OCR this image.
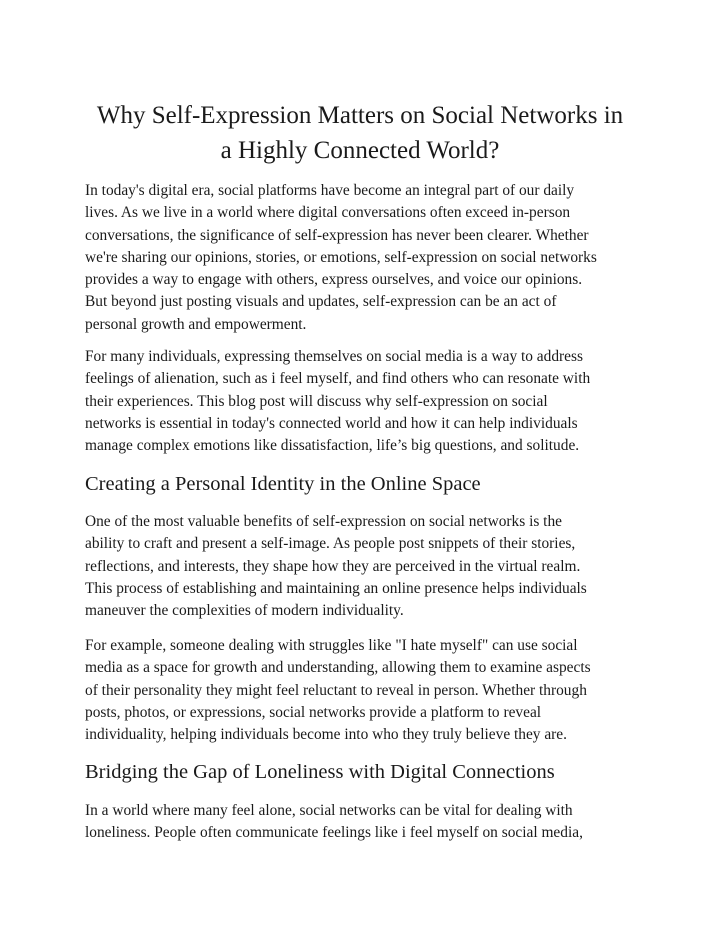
Why Self-Expression Matters on Social Networks in
a Highly Connected World?

In today's digital era, social platforms have become an integral part of our daily
lives. As we live in a world where digital conversations often exceed in-person
conversations, the significance of self-expression has never been clearer. Whether
we're sharing our opinions, stories, or emotions, self-expression on social networks
provides a way to engage with others, express ourselves, and voice our opinions.
But beyond just posting visuals and updates, self-expression can be an act of
personal growth and empowerment.

For many individuals, expressing themselves on social media is a way to address
feelings of alienation, such as i feel myself, and find others who can resonate with
their experiences. This blog post will discuss why self-expression on social
networks is essential in today's connected world and how it can help individuals
manage complex emotions like dissatisfaction, life’s big questions, and solitude.

Creating a Personal Identity in the Online Space

One of the most valuable benefits of self-expression on social networks is the
ability to craft and present a self-image. As people post snippets of their stories,
reflections, and interests, they shape how they are perceived in the virtual realm.
This process of establishing and maintaining an online presence helps individuals
maneuver the complexities of modern individuality.

For example, someone dealing with struggles like "I hate myself" can use social
media as a space for growth and understanding, allowing them to examine aspects
of their personality they might feel reluctant to reveal in person. Whether through
posts, photos, or expressions, social networks provide a platform to reveal
individuality, helping individuals become into who they truly believe they are.

Bridging the Gap of Loneliness with Digital Connections

In a world where many feel alone, social networks can be vital for dealing with
loneliness. People often communicate feelings like i feel myself on social media,
